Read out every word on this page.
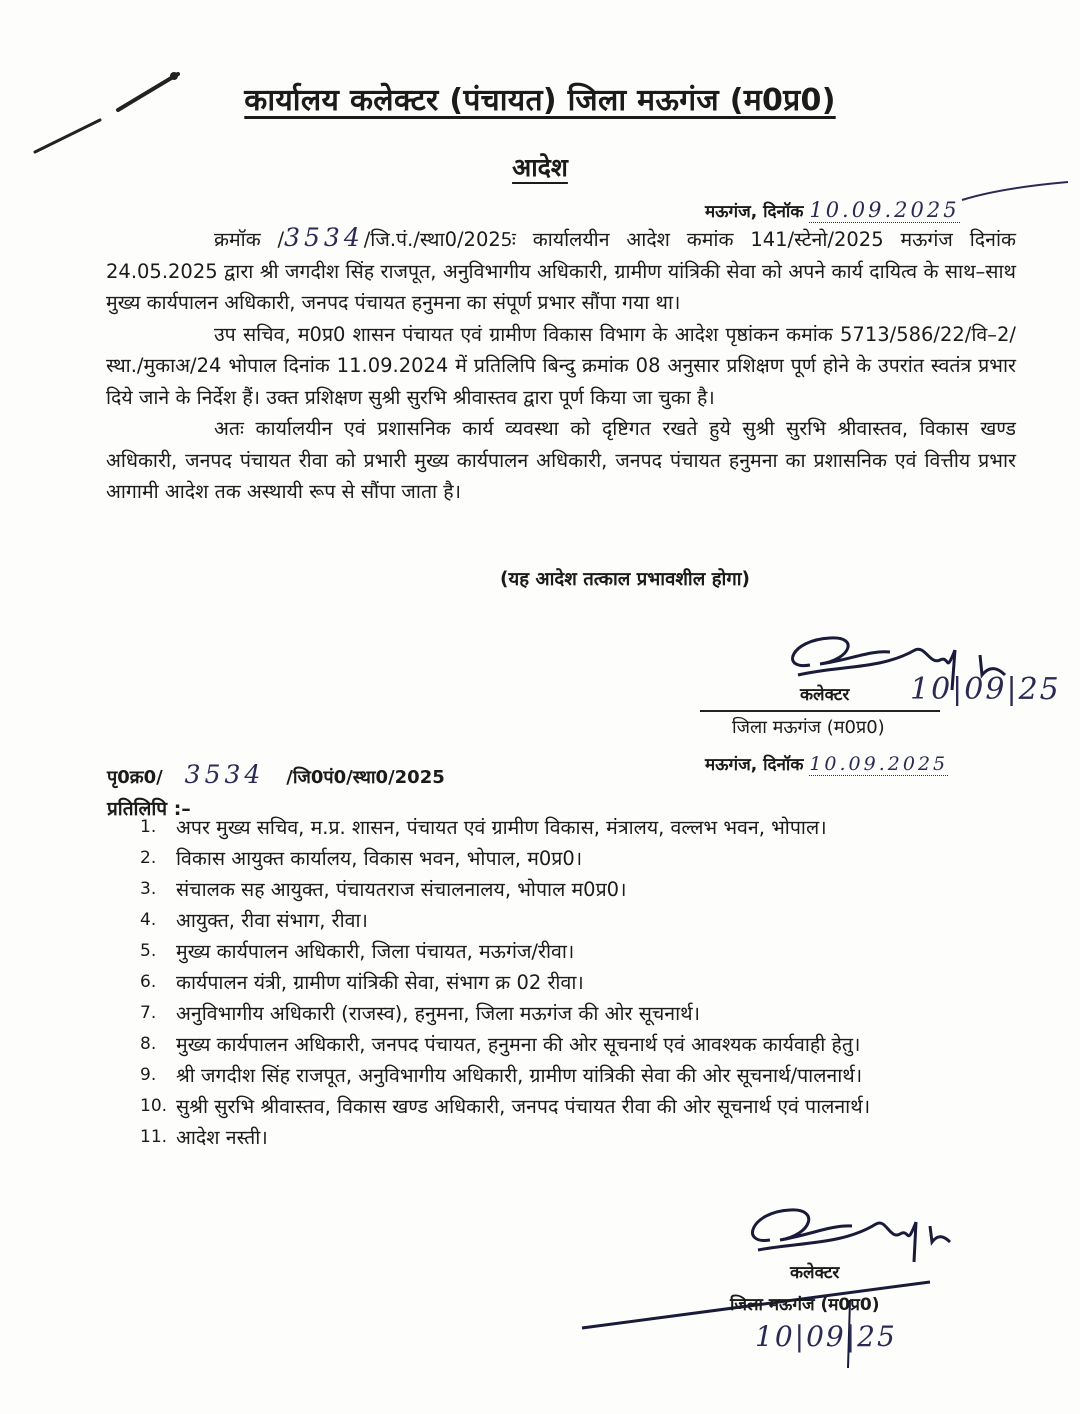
कार्यालय कलेक्टर (पंचायत) जिला मऊगंज (म0प्र0)
आदेश
मऊगंज, दिनॉक 10.09.2025

क्रमॉक /3534/जि.पं./स्था0/2025ः कार्यालयीन आदेश कमांक 141/स्टेनो/2025 मऊगंज दिनांक 24.05.2025 द्वारा श्री जगदीश सिंह राजपूत, अनुविभागीय अधिकारी, ग्रामीण यांत्रिकी सेवा को अपने कार्य दायित्व के साथ–साथ मुख्य कार्यपालन अधिकारी, जनपद पंचायत हनुमना का संपूर्ण प्रभार सौंपा गया था।

उप सचिव, म0प्र0 शासन पंचायत एवं ग्रामीण विकास विभाग के आदेश पृष्ठांकन कमांक 5713/586/22/वि–2/स्था./मुकाअ/24 भोपाल दिनांक 11.09.2024 में प्रतिलिपि बिन्दु क्रमांक 08 अनुसार प्रशिक्षण पूर्ण होने के उपरांत स्वतंत्र प्रभार दिये जाने के निर्देश हैं। उक्त प्रशिक्षण सुश्री सुरभि श्रीवास्तव द्वारा पूर्ण किया जा चुका है।

अतः कार्यालयीन एवं प्रशासनिक कार्य व्यवस्था को दृष्टिगत रखते हुये सुश्री सुरभि श्रीवास्तव, विकास खण्ड अधिकारी, जनपद पंचायत रीवा को प्रभारी मुख्य कार्यपालन अधिकारी, जनपद पंचायत हनुमना का प्रशासनिक एवं वित्तीय प्रभार आगामी आदेश तक अस्थायी रूप से सौंपा जाता है।

(यह आदेश तत्काल प्रभावशील होगा)
कलेक्टर 10|09|25
जिला मऊगंज (म0प्र0)
पृ0क्र0/ 3534 /जि0पं0/स्था0/2025
मऊगंज, दिनॉक 10.09.2025
प्रतिलिपि :–
1. अपर मुख्य सचिव, म.प्र. शासन, पंचायत एवं ग्रामीण विकास, मंत्रालय, वल्लभ भवन, भोपाल।
2. विकास आयुक्त कार्यालय, विकास भवन, भोपाल, म0प्र0।
3. संचालक सह आयुक्त, पंचायतराज संचालनालय, भोपाल म0प्र0।
4. आयुक्त, रीवा संभाग, रीवा।
5. मुख्य कार्यपालन अधिकारी, जिला पंचायत, मऊगंज/रीवा।
6. कार्यपालन यंत्री, ग्रामीण यांत्रिकी सेवा, संभाग क्र 02 रीवा।
7. अनुविभागीय अधिकारी (राजस्व), हनुमना, जिला मऊगंज की ओर सूचनार्थ।
8. मुख्य कार्यपालन अधिकारी, जनपद पंचायत, हनुमना की ओर सूचनार्थ एवं आवश्यक कार्यवाही हेतु।
9. श्री जगदीश सिंह राजपूत, अनुविभागीय अधिकारी, ग्रामीण यांत्रिकी सेवा की ओर सूचनार्थ/पालनार्थ।
10. सुश्री सुरभि श्रीवास्तव, विकास खण्ड अधिकारी, जनपद पंचायत रीवा की ओर सूचनार्थ एवं पालनार्थ।
11. आदेश नस्ती।
कलेक्टर
जिला मऊगंज (म0प्र0)
10|09|25
